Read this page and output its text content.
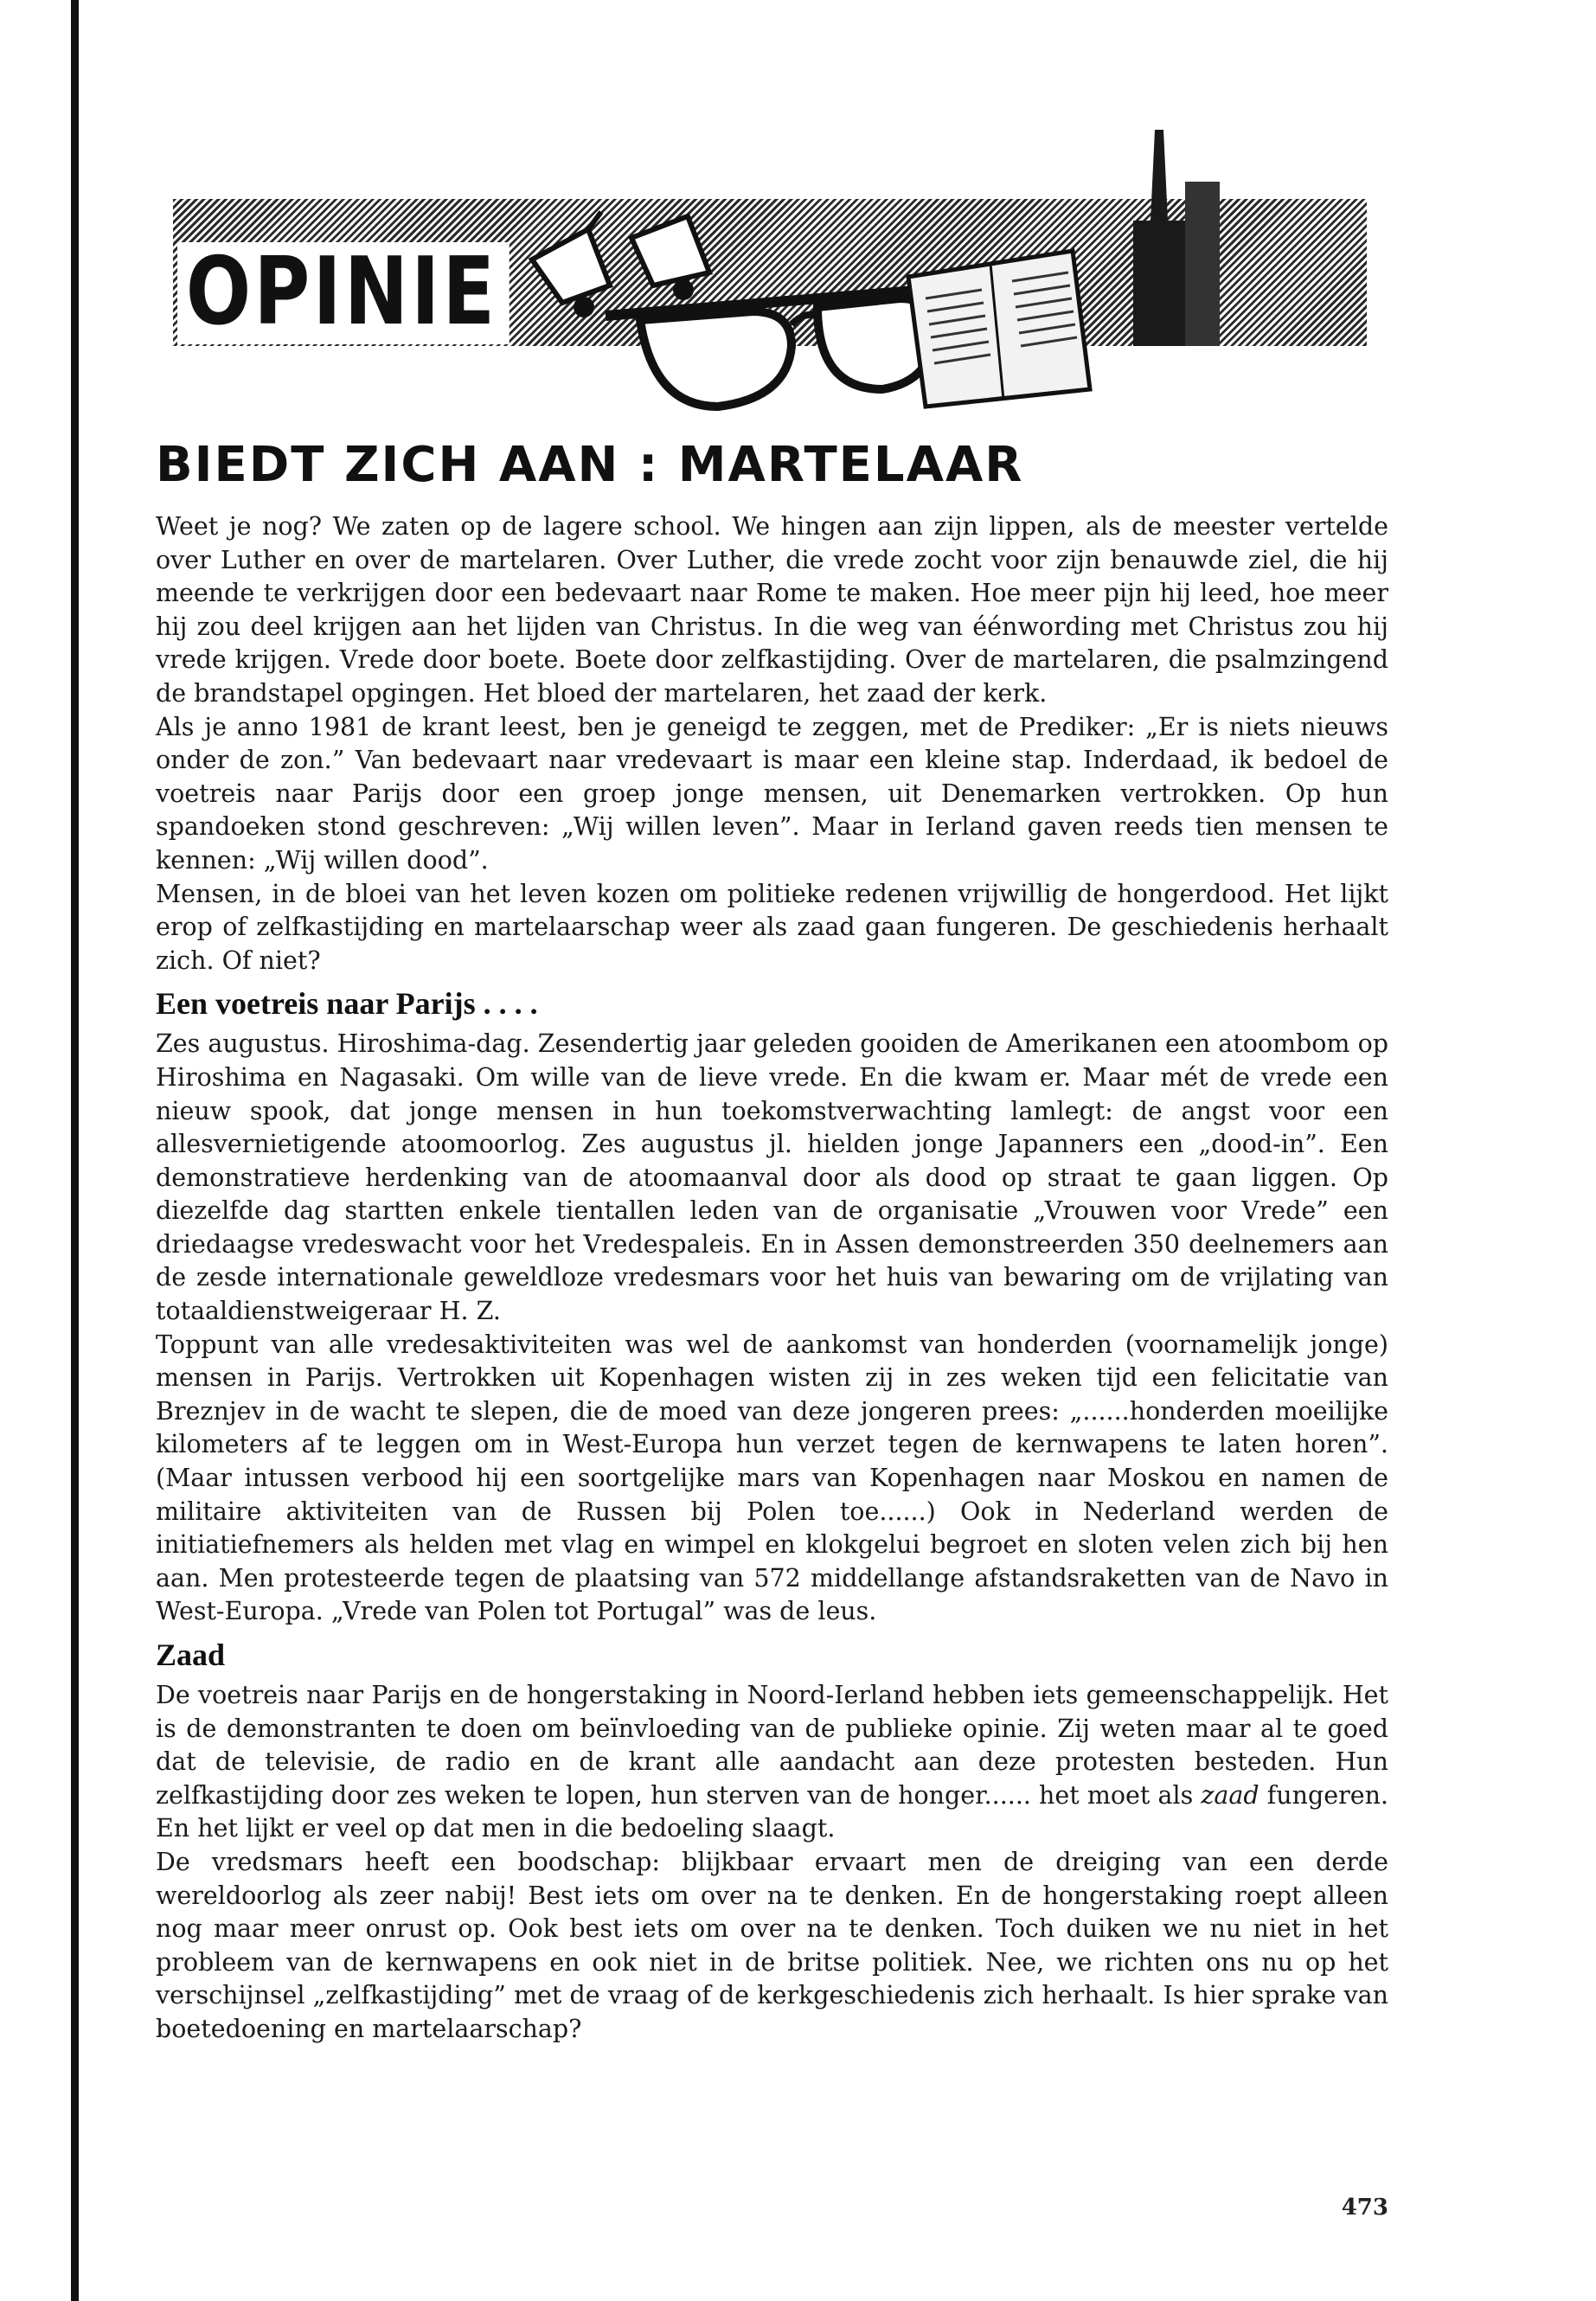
OPINIE
BIEDT ZICH AAN : MARTELAAR

Weet je nog? We zaten op de lagere school. We hingen aan zijn lippen, als de meester vertelde over Luther en over de martelaren. Over Luther, die vrede zocht voor zijn benauwde ziel, die hij meende te verkrijgen door een bedevaart naar Rome te maken. Hoe meer pijn hij leed, hoe meer hij zou deel krijgen aan het lijden van Christus. In die weg van éénwording met Christus zou hij vrede krijgen. Vrede door boete. Boete door zelfkastijding. Over de martelaren, die psalmzingend de brandstapel opgingen. Het bloed der martelaren, het zaad der kerk.

Als je anno 1981 de krant leest, ben je geneigd te zeggen, met de Prediker: „Er is niets nieuws onder de zon.” Van bedevaart naar vredevaart is maar een kleine stap. Inderdaad, ik bedoel de voetreis naar Parijs door een groep jonge mensen, uit Denemarken vertrokken. Op hun spandoeken stond geschreven: „Wij willen leven”. Maar in Ierland gaven reeds tien mensen te kennen: „Wij willen dood”.

Mensen, in de bloei van het leven kozen om politieke redenen vrijwillig de hongerdood. Het lijkt erop of zelfkastijding en martelaarschap weer als zaad gaan fungeren. De geschiedenis herhaalt zich. Of niet?

Een voetreis naar Parijs . . . .

Zes augustus. Hiroshima-dag. Zesendertig jaar geleden gooiden de Amerikanen een atoombom op Hiroshima en Nagasaki. Om wille van de lieve vrede. En die kwam er. Maar mét de vrede een nieuw spook, dat jonge mensen in hun toekomstverwachting lamlegt: de angst voor een allesvernietigende atoomoorlog. Zes augustus jl. hielden jonge Japanners een „dood-in”. Een demonstratieve herdenking van de atoomaanval door als dood op straat te gaan liggen. Op diezelfde dag startten enkele tientallen leden van de organisatie „Vrouwen voor Vrede” een driedaagse vredeswacht voor het Vredespaleis. En in Assen demonstreerden 350 deelnemers aan de zesde internationale geweldloze vredesmars voor het huis van bewaring om de vrijlating van totaaldienstweigeraar H. Z.

Toppunt van alle vredesaktiviteiten was wel de aankomst van honderden (voornamelijk jonge) mensen in Parijs. Vertrokken uit Kopenhagen wisten zij in zes weken tijd een felicitatie van Breznjev in de wacht te slepen, die de moed van deze jongeren prees: „......honderden moeilijke kilometers af te leggen om in West-Europa hun verzet tegen de kernwapens te laten horen”. (Maar intussen verbood hij een soortgelijke mars van Kopenhagen naar Moskou en namen de militaire aktiviteiten van de Russen bij Polen toe......) Ook in Nederland werden de initiatiefnemers als helden met vlag en wimpel en klokgelui begroet en sloten velen zich bij hen aan. Men protesteerde tegen de plaatsing van 572 middellange afstandsraketten van de Navo in West-Europa. „Vrede van Polen tot Portugal” was de leus.

Zaad

De voetreis naar Parijs en de hongerstaking in Noord-Ierland hebben iets gemeenschappelijk. Het is de demonstranten te doen om beïnvloeding van de publieke opinie. Zij weten maar al te goed dat de televisie, de radio en de krant alle aandacht aan deze protesten besteden. Hun zelfkastijding door zes weken te lopen, hun sterven van de honger...... het moet als zaad fungeren. En het lijkt er veel op dat men in die bedoeling slaagt.

De vredsmars heeft een boodschap: blijkbaar ervaart men de dreiging van een derde wereldoorlog als zeer nabij! Best iets om over na te denken. En de hongerstaking roept alleen nog maar meer onrust op. Ook best iets om over na te denken. Toch duiken we nu niet in het probleem van de kernwapens en ook niet in de britse politiek. Nee, we richten ons nu op het verschijnsel „zelfkastijding” met de vraag of de kerkgeschiedenis zich herhaalt. Is hier sprake van boetedoening en martelaarschap?

473
